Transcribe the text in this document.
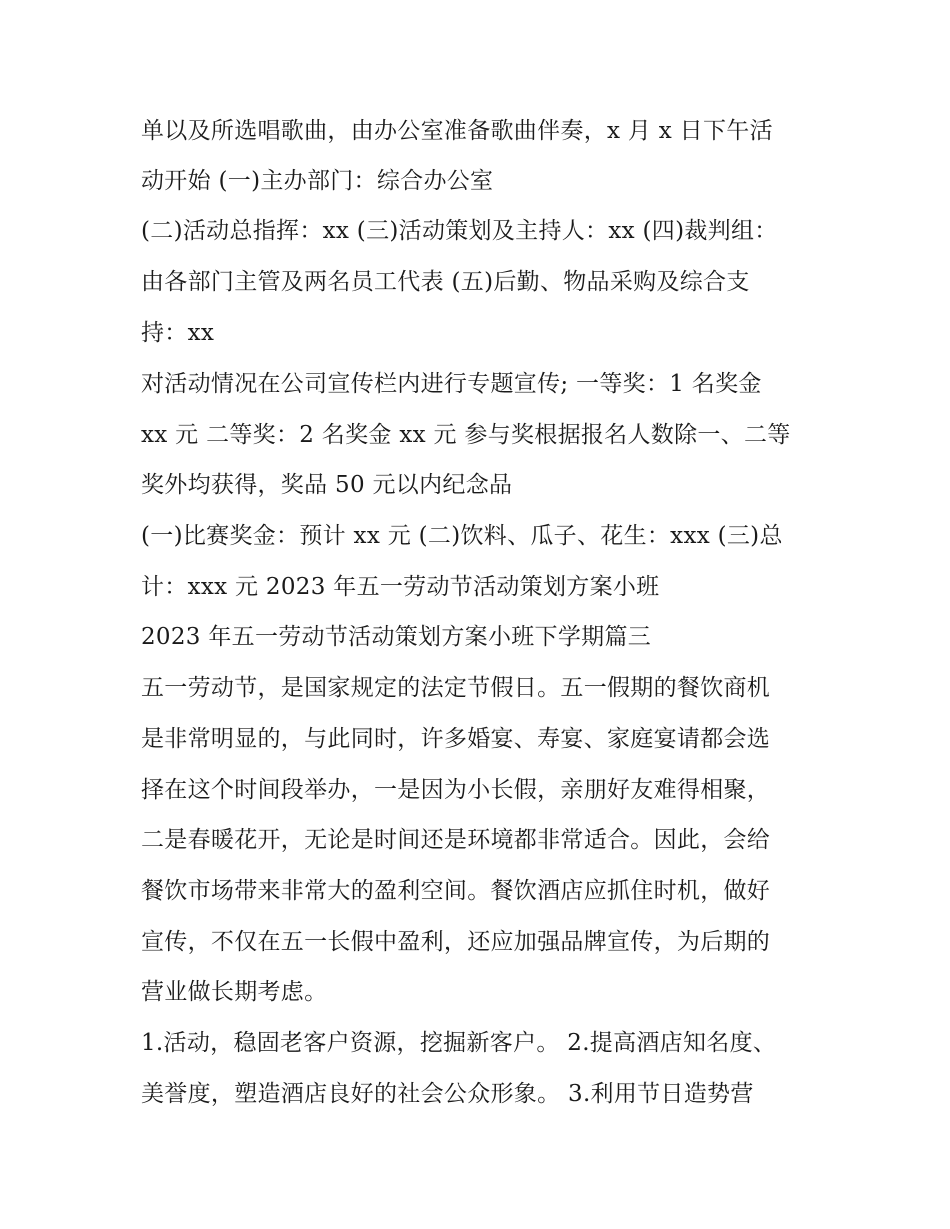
单以及所选唱歌曲，由办公室准备歌曲伴奏，x 月 x 日下午活
动开始 (一)主办部门：综合办公室
(二)活动总指挥：xx (三)活动策划及主持人：xx (四)裁判组：
由各部门主管及两名员工代表 (五)后勤、物品采购及综合支
持：xx
对活动情况在公司宣传栏内进行专题宣传; 一等奖：1 名奖金
xx 元 二等奖：2 名奖金 xx 元 参与奖根据报名人数除一、二等
奖外均获得，奖品 50 元以内纪念品
(一)比赛奖金：预计 xx 元 (二)饮料、瓜子、花生：xxx (三)总
计：xxx 元 2023 年五一劳动节活动策划方案小班
2023 年五一劳动节活动策划方案小班下学期篇三
五一劳动节，是国家规定的法定节假日。五一假期的餐饮商机
是非常明显的，与此同时，许多婚宴、寿宴、家庭宴请都会选
择在这个时间段举办，一是因为小长假，亲朋好友难得相聚，
二是春暖花开，无论是时间还是环境都非常适合。因此，会给
餐饮市场带来非常大的盈利空间。餐饮酒店应抓住时机，做好
宣传，不仅在五一长假中盈利，还应加强品牌宣传，为后期的
营业做长期考虑。
1.活动，稳固老客户资源，挖掘新客户。 2.提高酒店知名度、
美誉度，塑造酒店良好的社会公众形象。 3.利用节日造势营
